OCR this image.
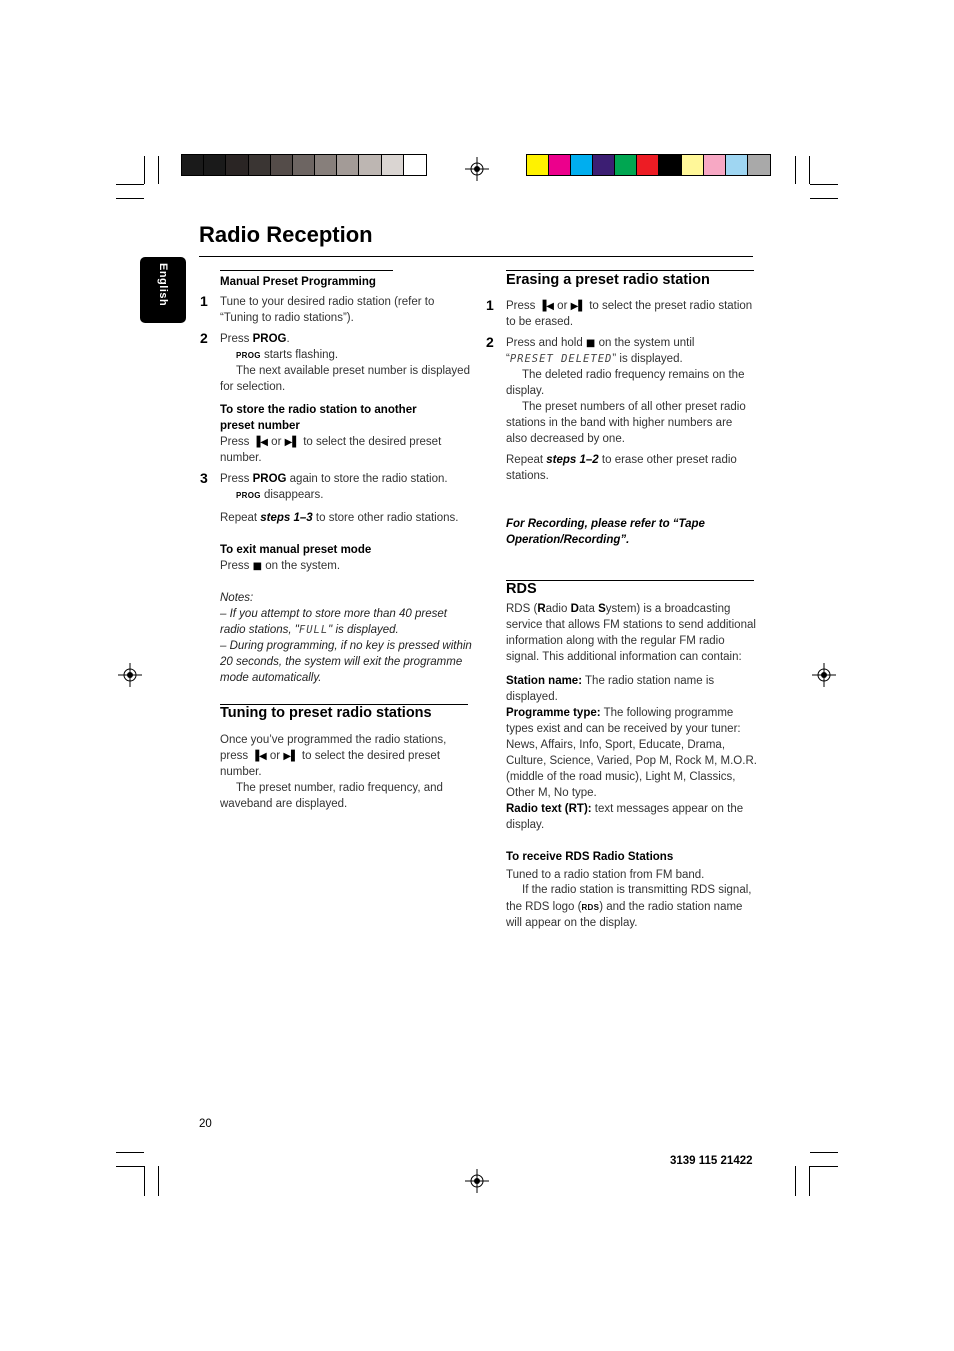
Radio Reception
English	Manual Preset Programming
1 Tune to your desired radio station (refer to
“Tuning to radio stations”).
2 Press PROG.
PROG starts flashing.
The next available preset number is displayed
for selection.
To store the radio station to another
preset number
Press ▐◀ or ▶▌ to select the desired preset
number.
3 Press PROG again to store the radio station.
PROG disappears.
Repeat steps 1–3 to store other radio stations.
To exit manual preset mode
Press ■ on the system.
Notes:
– If you attempt to store more than 40 preset
radio stations, "FULL" is displayed.
– During programming, if no key is pressed within
20 seconds, the system will exit the programme
mode automatically.
Tuning to preset radio stations
Once you’ve programmed the radio stations,
press ▐◀ or ▶▌ to select the desired preset
number.
The preset number, radio frequency, and
waveband are displayed.
Erasing a preset radio station
1 Press ▐◀ or ▶▌ to select the preset radio station
to be erased.
2 Press and hold ■ on the system until
“PRESET DELETED” is displayed.
The deleted radio frequency remains on the
display.
The preset numbers of all other preset radio
stations in the band with higher numbers are
also decreased by one.
Repeat steps 1–2 to erase other preset radio
stations.
For Recording, please refer to “Tape
Operation/Recording”.
RDS
RDS (Radio Data System) is a broadcasting
service that allows FM stations to send additional
information along with the regular FM radio
signal. This additional information can contain:
Station name: The radio station name is
displayed.
Programme type: The following programme
types exist and can be received by your tuner:
News, Affairs, Info, Sport, Educate, Drama,
Culture, Science, Varied, Pop M, Rock M, M.O.R.
(middle of the road music), Light M, Classics,
Other M, No type.
Radio text (RT): text messages appear on the
display.
To receive RDS Radio Stations
Tuned to a radio station from FM band.
If the radio station is transmitting RDS signal,
the RDS logo (RDS) and the radio station name
will appear on the display.
20
3139 115 21422
